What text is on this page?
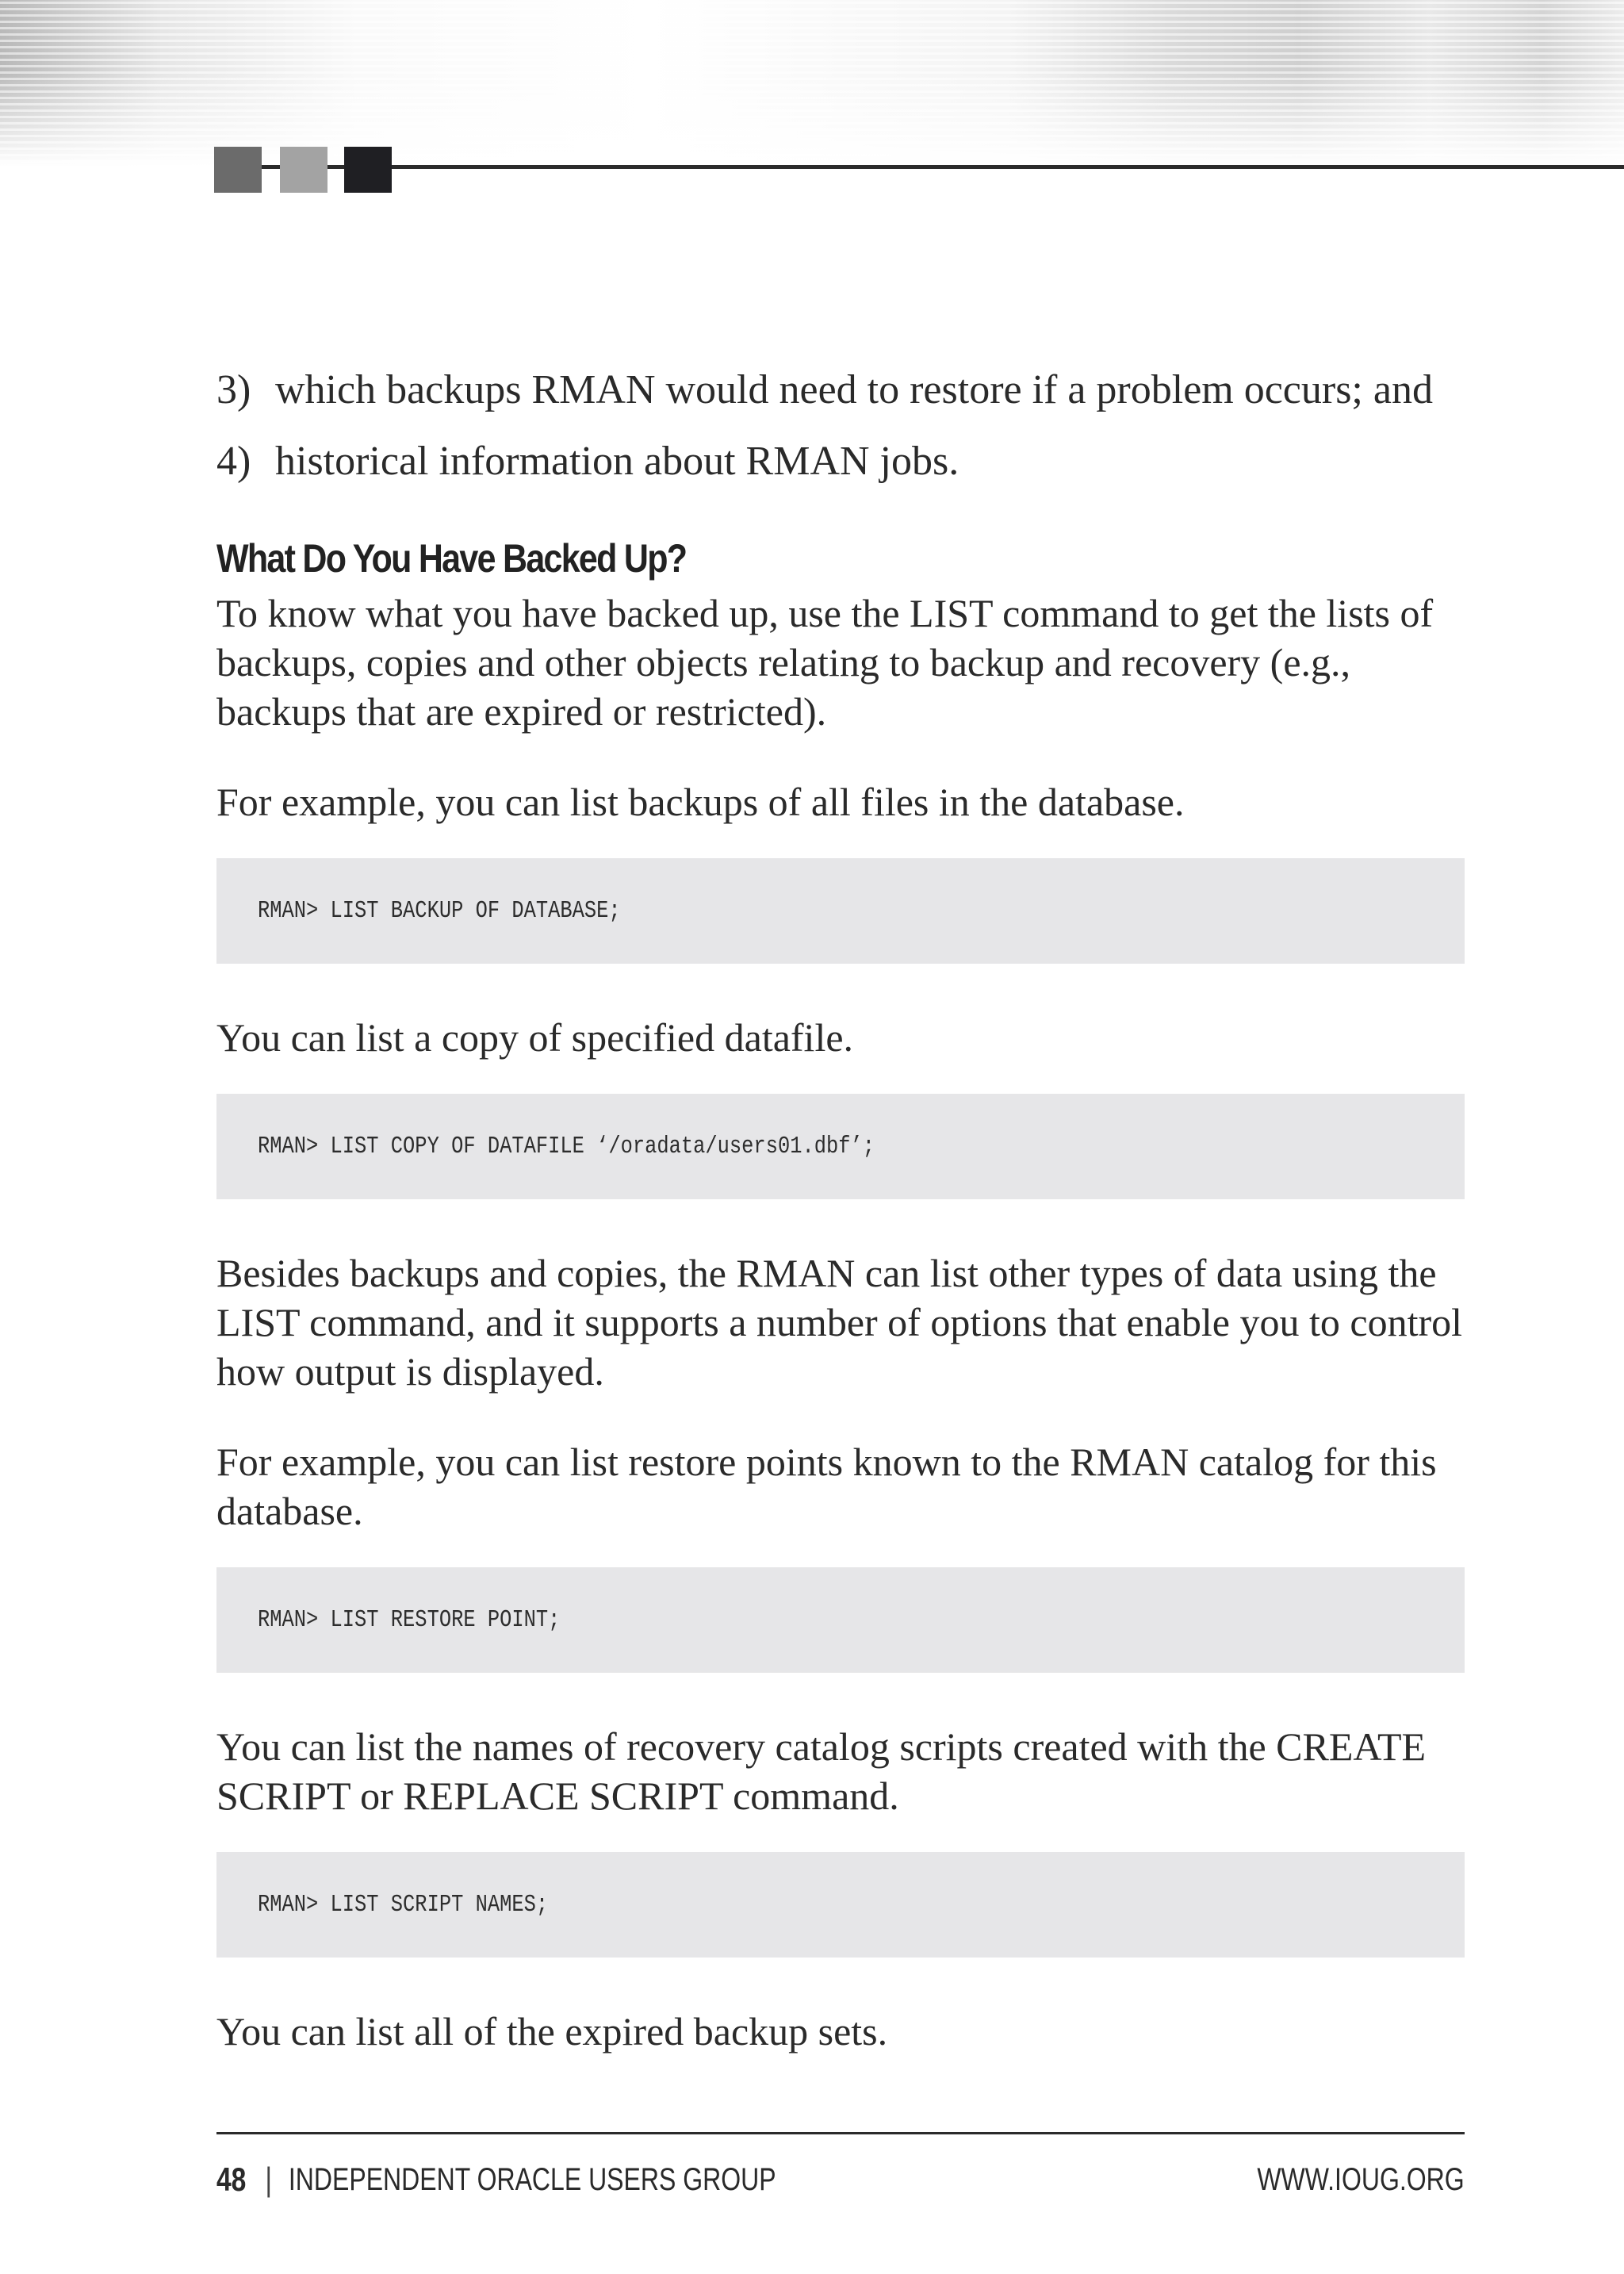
3) which backups RMAN would need to restore if a problem occurs; and
4) historical information about RMAN jobs.
What Do You Have Backed Up?

To know what you have backed up, use the LIST command to get the lists of backups, copies and other objects relating to backup and recovery (e.g., backups that are expired or restricted).

For example, you can list backups of all files in the database.

RMAN> LIST BACKUP OF DATABASE;

You can list a copy of specified datafile.

RMAN> LIST COPY OF DATAFILE ‘/oradata/users01.dbf’;

Besides backups and copies, the RMAN can list other types of data using the LIST command, and it supports a number of options that enable you to control how output is displayed.

For example, you can list restore points known to the RMAN catalog for this database.

RMAN> LIST RESTORE POINT;

You can list the names of recovery catalog scripts created with the CREATE SCRIPT or REPLACE SCRIPT command.

RMAN> LIST SCRIPT NAMES;

You can list all of the expired backup sets.

48 | INDEPENDENT ORACLE USERS GROUP	WWW.IOUG.ORG
